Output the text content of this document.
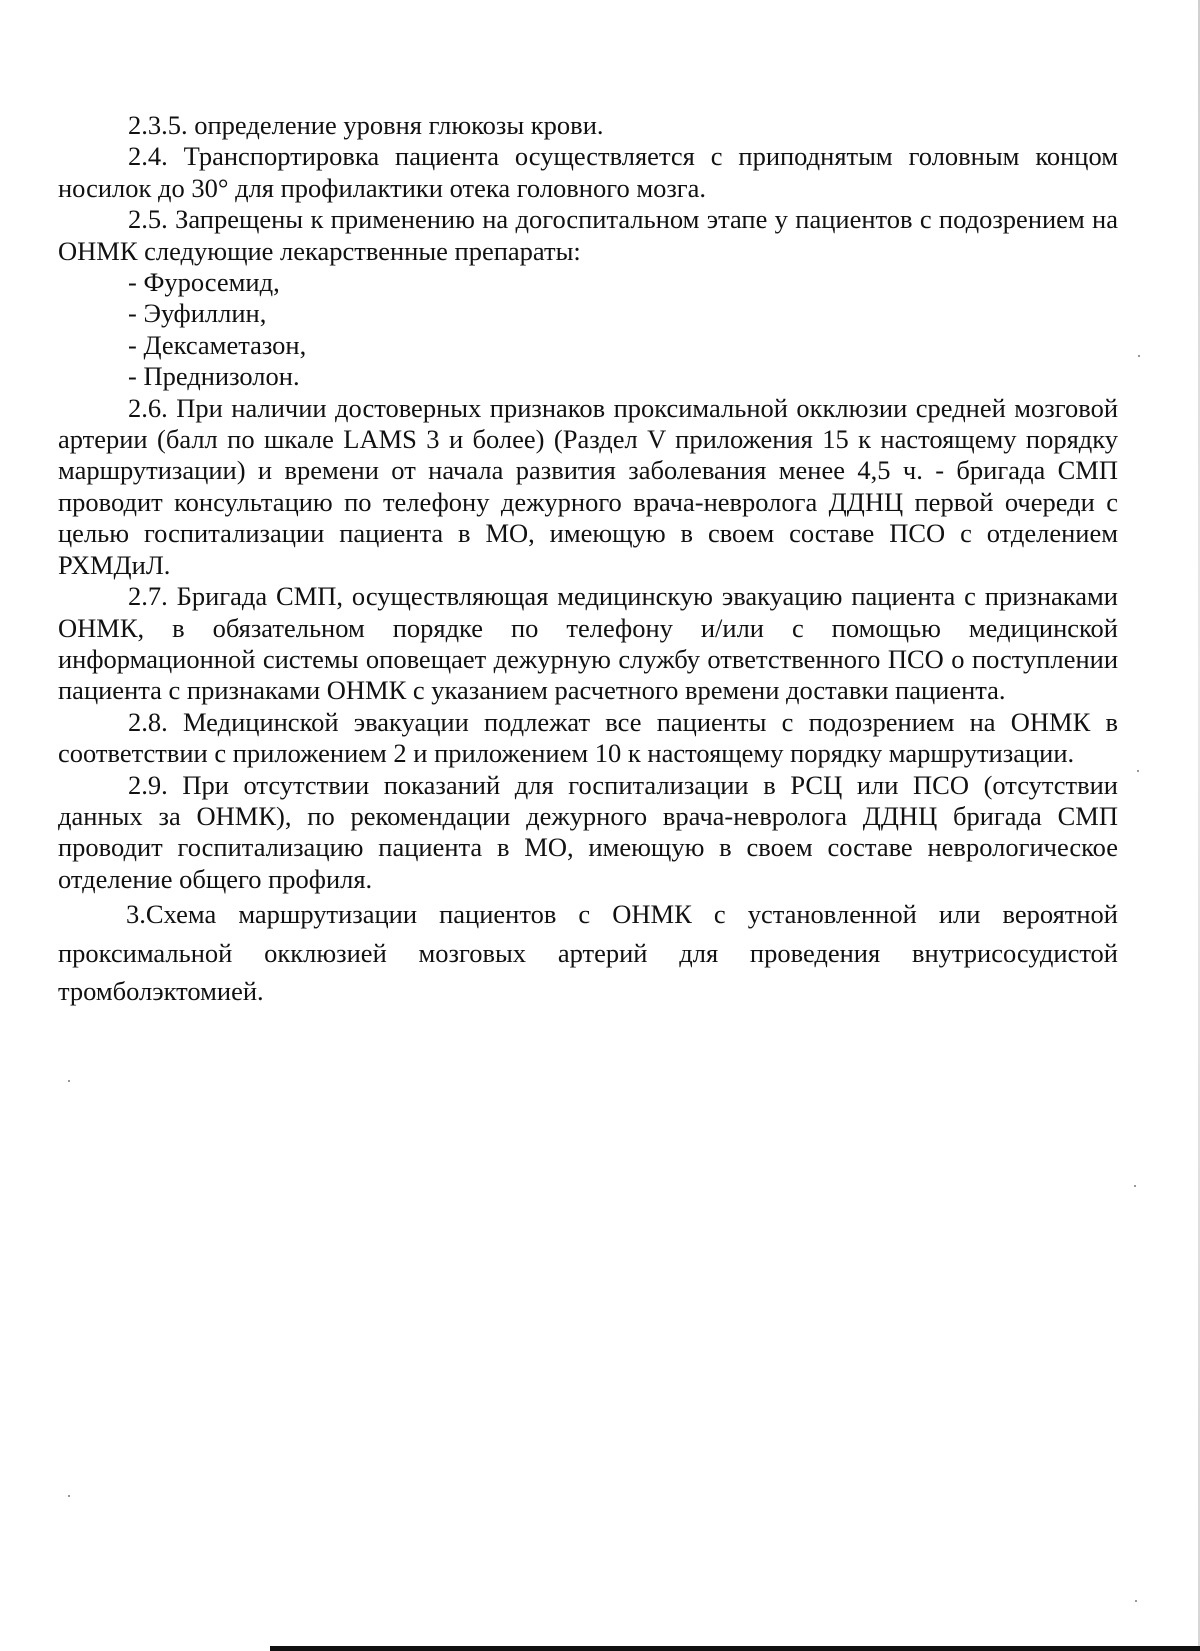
2.3.5. определение уровня глюкозы крови.

2.4. Транспортировка пациента осуществляется с приподнятым головным концом носилок до 30° для профилактики отека головного мозга.

2.5. Запрещены к применению на догоспитальном этапе у пациентов с подозрением на ОНМК следующие лекарственные препараты:

- Фуросемид,

- Эуфиллин,

- Дексаметазон,

- Преднизолон.

2.6. При наличии достоверных признаков проксимальной окклюзии средней мозговой артерии (балл по шкале LAMS 3 и более) (Раздел V приложения 15 к настоящему порядку маршрутизации) и времени от начала развития заболевания менее 4,5 ч. - бригада СМП проводит консультацию по телефону дежурного врача-невролога ДДНЦ первой очереди с целью госпитализации пациента в МО, имеющую в своем составе ПСО с отделением РХМДиЛ.

2.7. Бригада СМП, осуществляющая медицинскую эвакуацию пациента с признаками ОНМК, в обязательном порядке по телефону и/или с помощью медицинской информационной системы оповещает дежурную службу ответственного ПСО о поступлении пациента с признаками ОНМК с указанием расчетного времени доставки пациента.

2.8. Медицинской эвакуации подлежат все пациенты с подозрением на ОНМК в соответствии с приложением 2 и приложением 10 к настоящему порядку маршрутизации.

2.9. При отсутствии показаний для госпитализации в РСЦ или ПСО (отсутствии данных за ОНМК), по рекомендации дежурного врача-невролога ДДНЦ бригада СМП проводит госпитализацию пациента в МО, имеющую в своем составе неврологическое отделение общего профиля.

3.Схема маршрутизации пациентов с ОНМК с установленной или вероятной проксимальной окклюзией мозговых артерий для проведения внутрисосудистой тромболэктомией.
